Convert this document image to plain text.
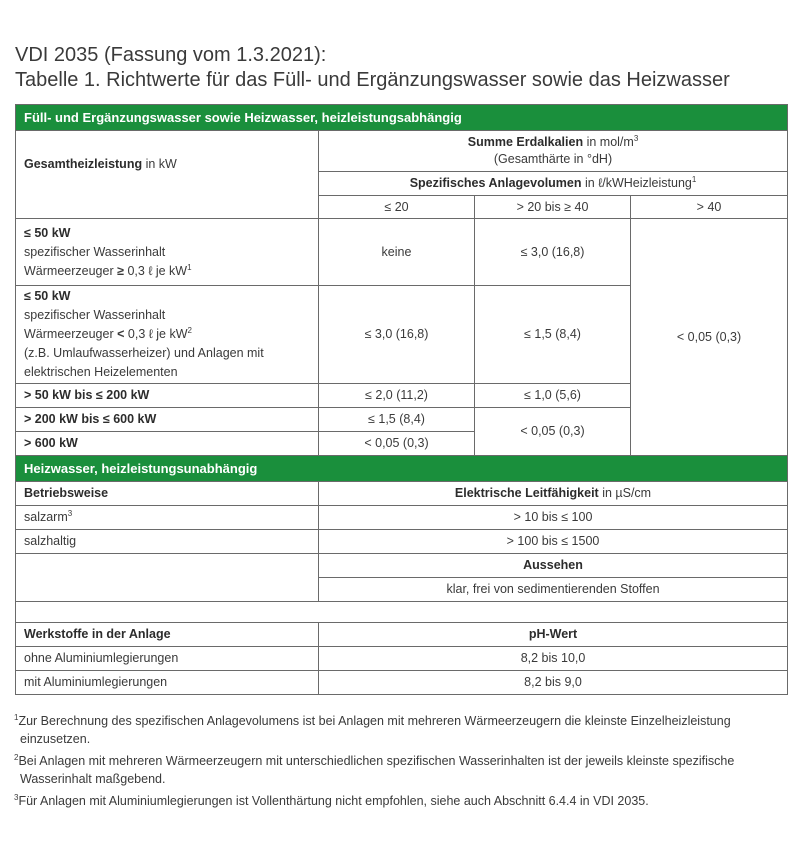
VDI 2035 (Fassung vom 1.3.2021):
Tabelle 1. Richtwerte für das Füll- und Ergänzungswasser sowie das Heizwasser
Füll- und Ergänzungswasser sowie Heizwasser, heizleistungsabhängig			
Gesamtheizleistung in kW	Summe Erdalkalien in mol/$m^3$
(Gesamthärte in °dH)		
	Spezifisches Anlagevolumen in ℓ/kWHeizleistung$^1$
	≤ 20	> 20 bis ≥ 40	> 40
≤ 50 kW
spezifischer Wasserinhalt
Wärmeerzeuger ≥ 0,3 ℓ je $kW^1$	keine	≤ 3,0 (16,8)	< 0,05 (0,3)
≤ 50 kW
spezifischer Wasserinhalt
Wärmeerzeuger < 0,3 ℓ je $kW^2$
(z.B. Umlaufwasserheizer) und Anlagen mit
elektrischen Heizelementen	≤ 3,0 (16,8)	≤ 1,5 (8,4)	
> 50 kW bis ≤ 200 kW	≤ 2,0 (11,2)	≤ 1,0 (5,6)	
> 200 kW bis ≤ 600 kW	≤ 1,5 (8,4)	< 0,05 (0,3)	
> 600 kW	< 0,05 (0,3)		
Heizwasser, heizleistungsunabhängig			
Betriebsweise	Elektrische Leitfähigkeit in µS/cm		
salzarm$^3$	> 10 bis ≤ 100		
salzhaltig	> 100 bis ≤ 1500		
	Aussehen		
	klar, frei von sedimentierenden Stoffen		

Werkstoffe in der Anlage	pH-Wert		
ohne Aluminiumlegierungen	8,2 bis 10,0		
mit Aluminiumlegierungen	8,2 bis 9,0		

$^1$Zur Berechnung des spezifischen Anlagevolumens ist bei Anlagen mit mehreren Wärmeerzeugern die kleinste Einzelheizleistung einzusetzen.

$^2$Bei Anlagen mit mehreren Wärmeerzeugern mit unterschiedlichen spezifischen Wasserinhalten ist der jeweils kleinste spezifische Wasserinhalt maßgebend.

$^3$Für Anlagen mit Aluminiumlegierungen ist Vollenthärtung nicht empfohlen, siehe auch Abschnitt 6.4.4 in VDI 2035.
